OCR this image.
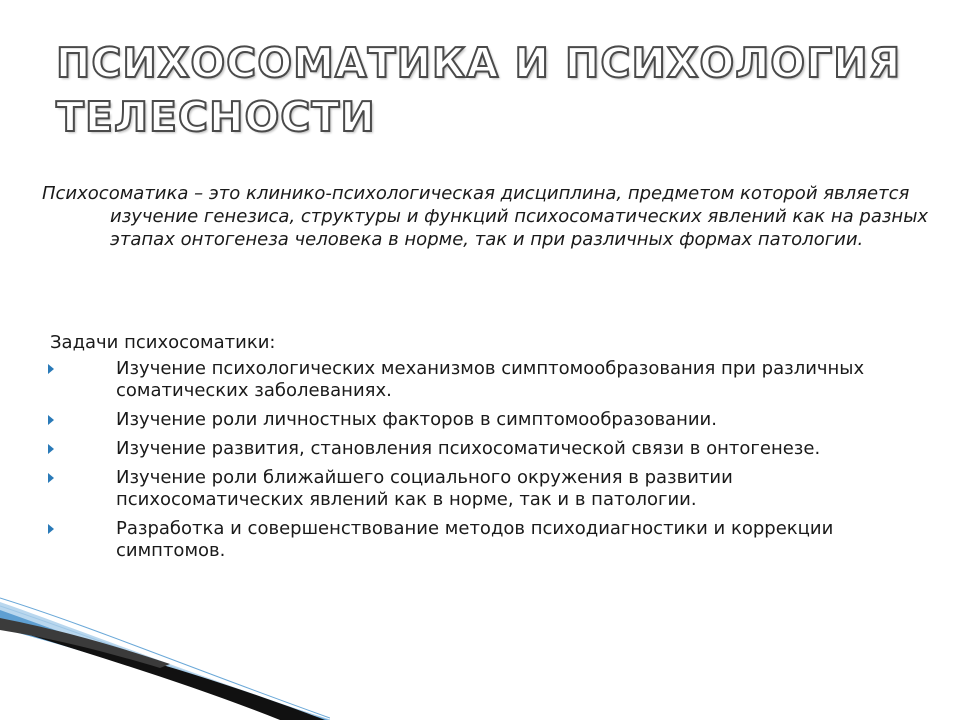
ПСИХОСОМАТИКА И ПСИХОЛОГИЯ
ТЕЛЕСНОСТИ

Психосоматика – это клинико-психологическая дисциплина, предметом которой является изучение генезиса, структуры и функций психосоматических явлений как на разных этапах онтогенеза человека в норме, так и при различных формах патологии.

Задачи психосоматики:

Изучение психологических механизмов симптомообразования при различных соматических заболеваниях.
Изучение роли личностных факторов в симптомообразовании.
Изучение развития, становления психосоматической связи в онтогенезе.
Изучение роли ближайшего социального окружения в развитии психосоматических явлений как в норме, так и в патологии.
Разработка и совершенствование методов психодиагностики и коррекции симптомов.
